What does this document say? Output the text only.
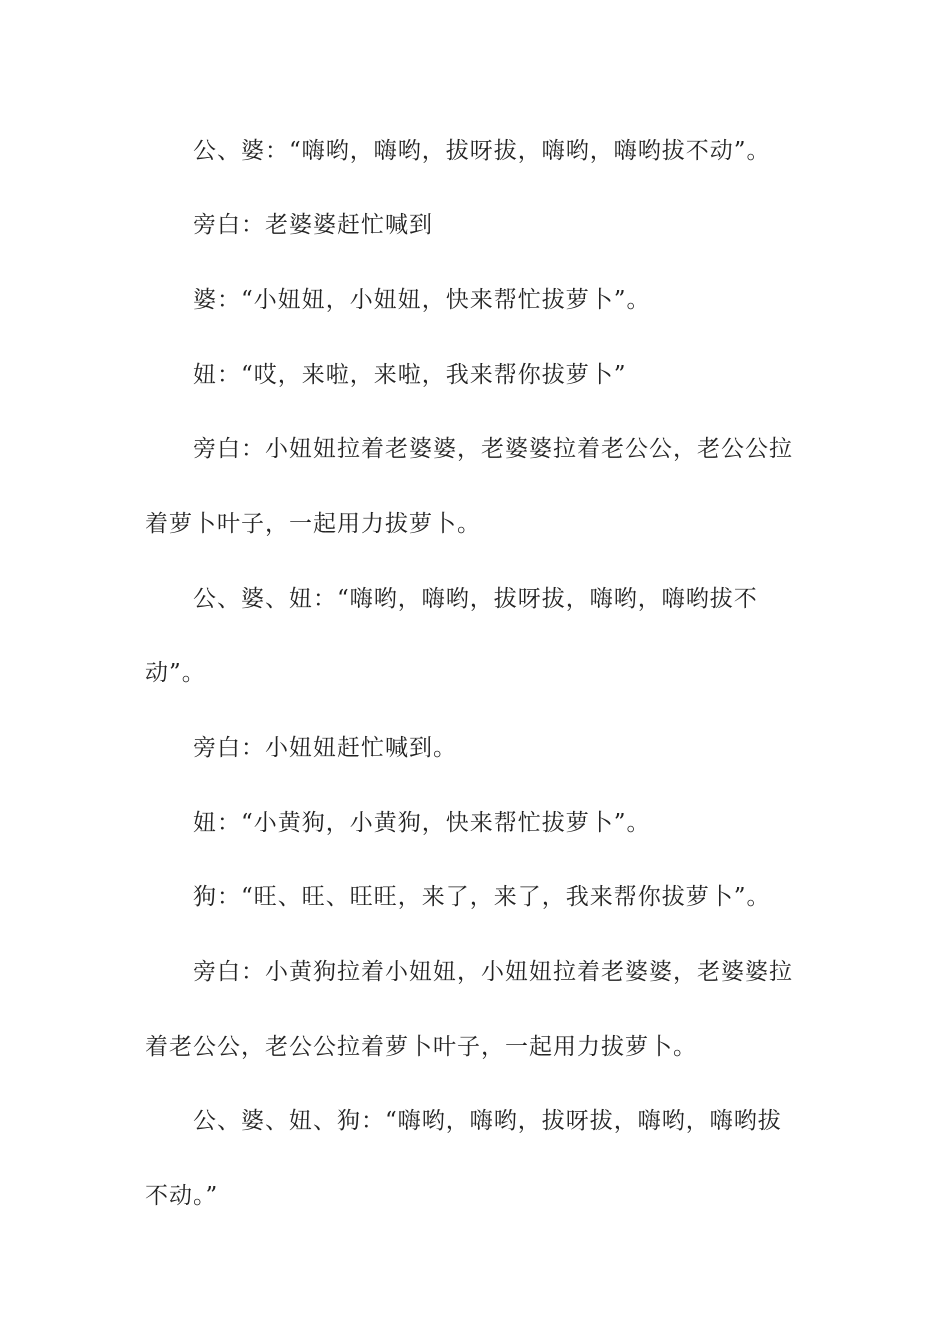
公、婆：“嗨哟，嗨哟，拔呀拔，嗨哟，嗨哟拔不动”。
旁白：老婆婆赶忙喊到
婆：“小妞妞，小妞妞，快来帮忙拔萝卜”。
妞：“哎，来啦，来啦，我来帮你拔萝卜”
旁白：小妞妞拉着老婆婆，老婆婆拉着老公公，老公公拉
着萝卜叶子，一起用力拔萝卜。
公、婆、妞：“嗨哟，嗨哟，拔呀拔，嗨哟，嗨哟拔不
动”。
旁白：小妞妞赶忙喊到。
妞：“小黄狗，小黄狗，快来帮忙拔萝卜”。
狗：“旺、旺、旺旺，来了，来了，我来帮你拔萝卜”。
旁白：小黄狗拉着小妞妞，小妞妞拉着老婆婆，老婆婆拉
着老公公，老公公拉着萝卜叶子，一起用力拔萝卜。
公、婆、妞、狗：“嗨哟，嗨哟，拔呀拔，嗨哟，嗨哟拔
不动。”
